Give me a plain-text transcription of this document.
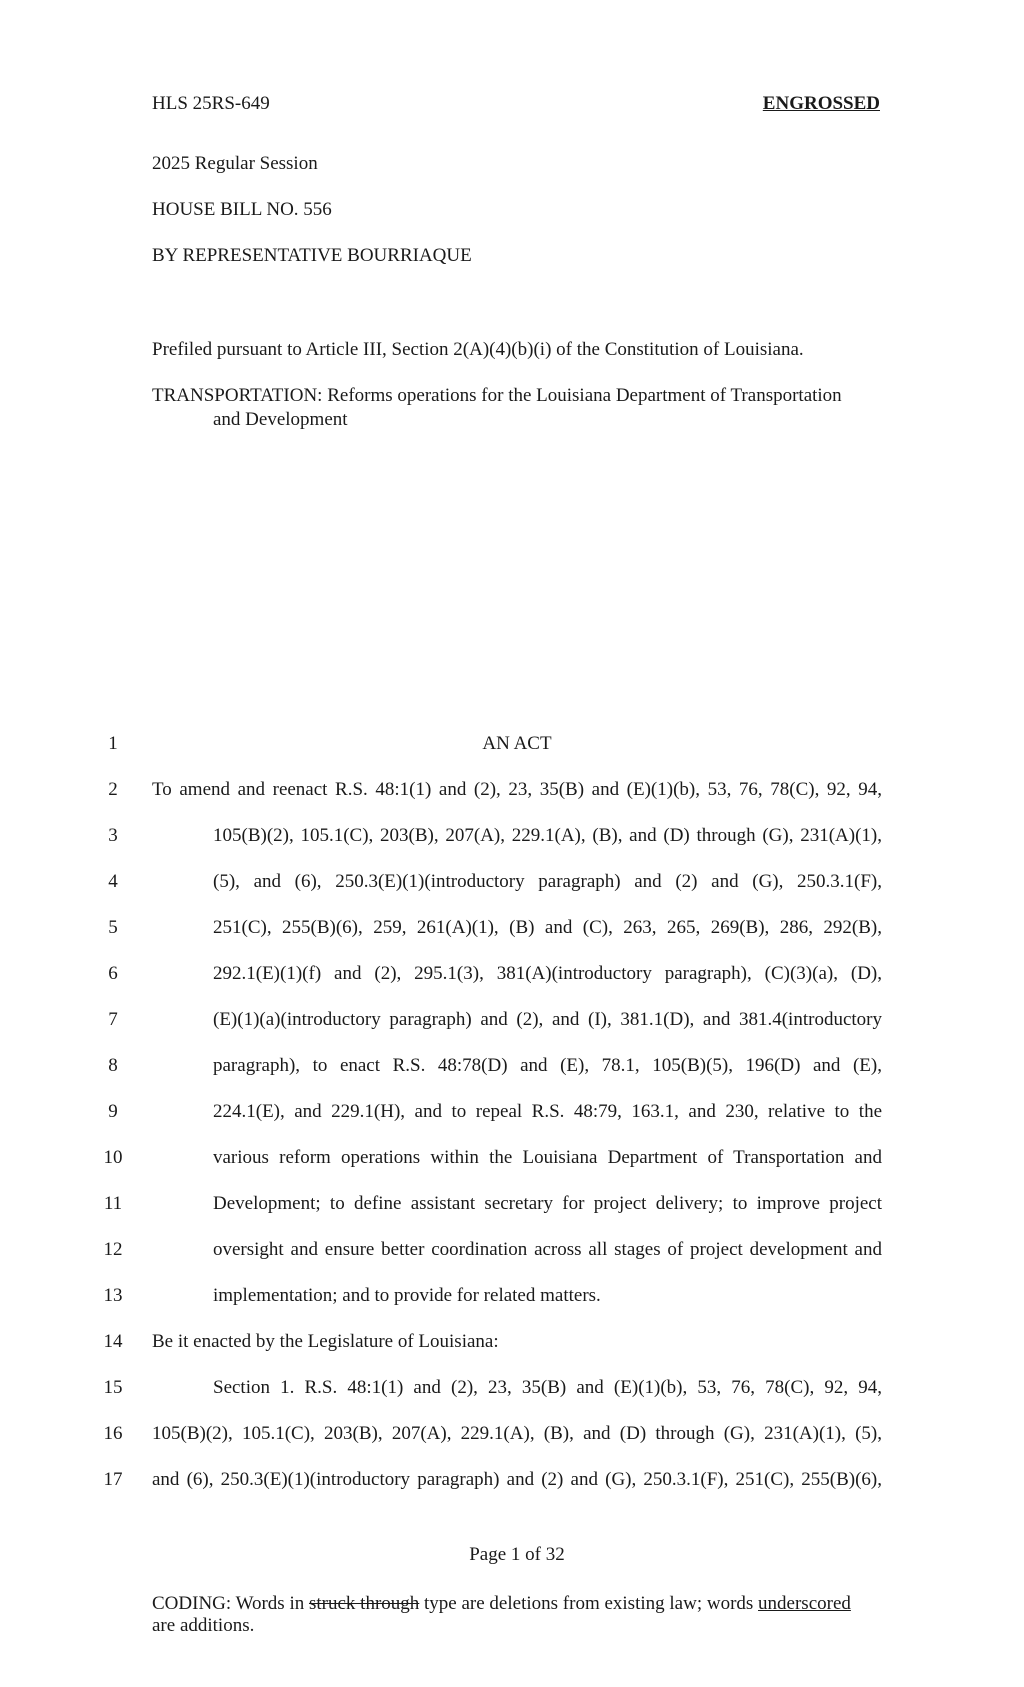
HLS 25RS-649	ENGROSSED
2025 Regular Session
HOUSE BILL NO. 556
BY REPRESENTATIVE BOURRIAQUE
Prefiled pursuant to Article III, Section 2(A)(4)(b)(i) of the Constitution of Louisiana.
TRANSPORTATION: Reforms operations for the Louisiana Department of Transportation
and Development
1	AN ACT
2	To amend and reenact R.S. 48:1(1) and (2), 23, 35(B) and (E)(1)(b), 53, 76, 78(C), 92, 94,
3	105(B)(2), 105.1(C), 203(B), 207(A), 229.1(A), (B), and (D) through (G), 231(A)(1),
4	(5), and (6), 250.3(E)(1)(introductory paragraph) and (2) and (G), 250.3.1(F),
5	251(C), 255(B)(6), 259, 261(A)(1), (B) and (C), 263, 265, 269(B), 286, 292(B),
6	292.1(E)(1)(f) and (2), 295.1(3), 381(A)(introductory paragraph), (C)(3)(a), (D),
7	(E)(1)(a)(introductory paragraph) and (2), and (I), 381.1(D), and 381.4(introductory
8	paragraph), to enact R.S. 48:78(D) and (E), 78.1, 105(B)(5), 196(D) and (E),
9	224.1(E), and 229.1(H), and to repeal R.S. 48:79, 163.1, and 230, relative to the
10	various reform operations within the Louisiana Department of Transportation and
11	Development; to define assistant secretary for project delivery; to improve project
12	oversight and ensure better coordination across all stages of project development and
13	implementation; and to provide for related matters.
14	Be it enacted by the Legislature of Louisiana:
15	Section 1. R.S. 48:1(1) and (2), 23, 35(B) and (E)(1)(b), 53, 76, 78(C), 92, 94,
16	105(B)(2), 105.1(C), 203(B), 207(A), 229.1(A), (B), and (D) through (G), 231(A)(1), (5),
17	and (6), 250.3(E)(1)(introductory paragraph) and (2) and (G), 250.3.1(F), 251(C), 255(B)(6),
Page 1 of 32
CODING: Words in struck through type are deletions from existing law; words underscored
are additions.
